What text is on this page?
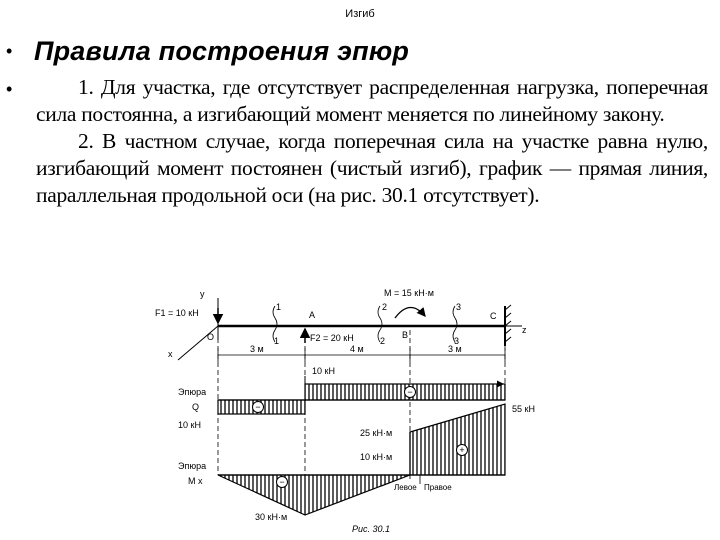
Изгиб
• Правила построения эпюр
•	1. Для участка, где отсутствует распределенная нагрузка, поперечная сила постоянна, а изгибающий момент меняется по линейному закону.

2. В частном случае, когда поперечная сила на участке равна нулю, изгибающий момент постоянен (чистый изгиб), график — прямая линия, параллельная продольной оси (на рис. 30.1 отсутствует).

y
x
z
O
A
B
C
F1 = 10 кН
F2 = 20 кН
M = 15 кН·м
1
1
2
2
3
3
3 м	4 м	3 м
Эпюра
Q
10 кН
10 кН
Эпюра
M x
55 кН
25 кН·м
10 кН·м
30 кН·м
Левое Правое
Рис. 30.1
−
−
−
+
